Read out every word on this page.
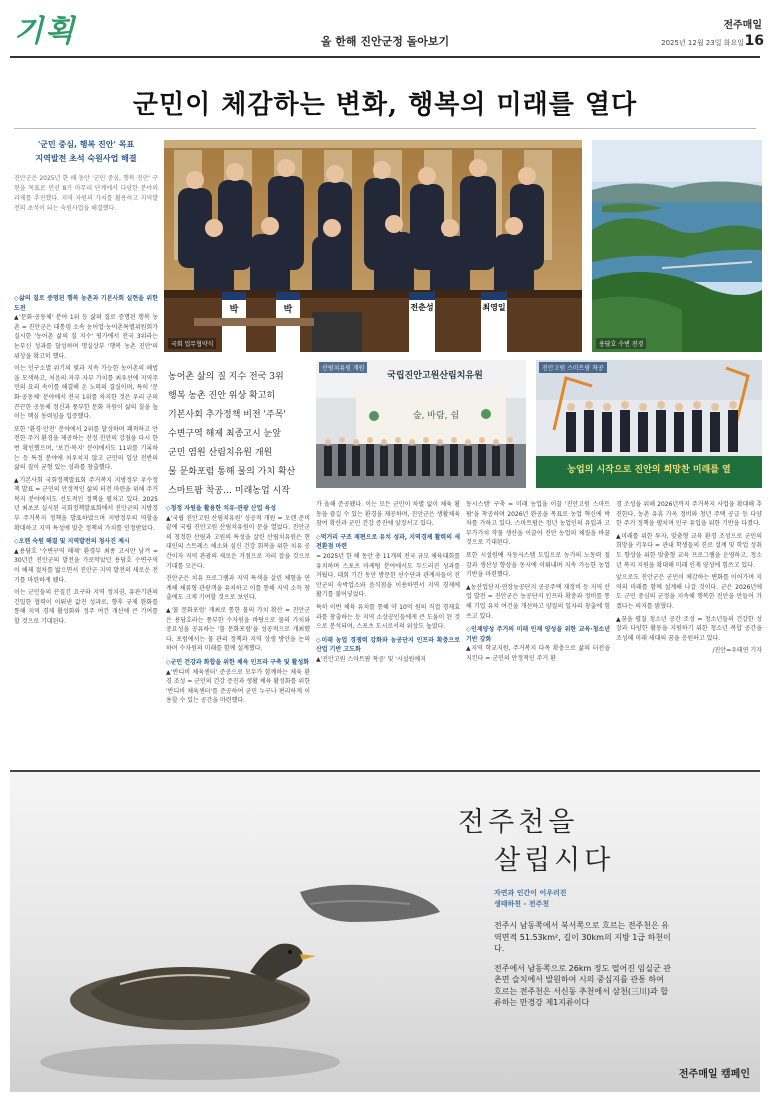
기획	올 한해 진안군정 돌아보기
전주매일
2025년 12월 23일 화요일 16
군민이 체감하는 변화, 행복의 미래를 열다
'군민 중심, 행복 진안' 목표
지역발전 초석 숙원사업 해결
진안군은 2025년 한 해 동안 '군민 중심, 행복 진안' 구현을 목표로 민선 8기 마무리 단계에서 다양한 분야의 과제를 추진했다. 지역 자원의 가치를 활용하고 지역발전의 초석이 되는 숙원사업을 해결했다.
박	박	전춘성	최영일
국회 업무협약식	용담호 수변 전경
국립진안고원산림치유원
숲, 바람, 쉼
산림치유원 개원
농업의 시작으로 진안의 희망찬 미래를 열
진안고원 스마트팜 착공
농어촌 삶의 질 지수 전국 3위
행복 농촌 진안 위상 확고히
기본사회 추가정책 비전 '주목'
수변구역 해제 최종고시 눈앞
군민 염원 산림치유원 개원
물 문화포럼 통해 물의 가치 확산
스마트팜 착공… 미래농업 시작
◇삶의 질로 증명된 행복 농촌과 기본사회 실현을 위한 도전

▲'문화·공동체' 분야 1위 등 삶의 질로 증명된 행복 농촌 = 진안군은 대통령 소속 농어업·농어촌특별위원회가 실시한 '농어촌 삶의 질 지수' 평가에서 전국 3위라는 눈부신 성과를 달성하며 명실상부 '행복 농촌 진안'의 위상을 확고히 했다.

이는 인구소멸 위기의 빛과 지속 가능한 농어촌의 해법을 모색하고, 처음의 자부 자부 가치를 최우선에 지역주민의 요리 속이를 해결해 온 노력의 결실이며, 특히 '문화·공동체' 분야에서 전국 1위를 차지한 것은 우리 군의 끈끈한 공동체 정신과 풍부한 문화 자원이 삶의 질을 높이는 핵심 동력임을 입증했다.

또한 '환경·안전' 분야에서 2위를 달성하며 쾌적하고 안전한 주거 환경을 제공하는 진정 진안의 강점을 다시 한번 확인했으며, '보건·복지' 분야에서도 11위를 기록하는 등 특정 분야에 치우치지 않고 군민의 일상 전반의 삶의 질이 균형 있는 성과를 창출했다.

▲기본사회 국회정책발표회 주거복지 지방정부 우수정책 발표 = 군민의 안정적인 삶의 터전 마련을 위해 주거복지 분야에서도 선도적인 정책을 펼치고 있다. 2025년 최초로 실시된 국회정책발표회에서 진안군의 지방정부 주거복지 정책을 발표하였으며 지방정부의 역할을 확대하고 지역 특성에 맞춘 정책의 가치를 인정받았다.

◇오랜 숙원 해결 및 지역발전의 청사진 제시

▲용담호 '수변구역 해제' 환경부 최종 고시만 남겨 = 30년간 진안군의 발전을 가로막았던 용담호 수변구역이 해제 절차를 밟으면서 진안군 지역 발전의 새로운 전기를 마련하게 됐다.

이는 군민들의 끈질긴 요구와 지역 정치권, 유관기관의 긴밀한 협력이 이뤄낸 값진 성과로, 향후 규제 완화를 통해 지역 경제 활성화와 정주 여건 개선에 큰 기여를 할 것으로 기대된다.

◇청정 자원을 활용한 치유·관광 산업 육성

▲'국립 진안고원 산림치유원' 성공적 개원 = 오랜 준비 끝에 국립 진안고원 산림치유원이 문을 열었다. 진안군의 청정한 산림과 고원의 특성을 살린 산림치유원은 현대인의 스트레스 해소와 심신 건강 회복을 위한 치유 공간이자 지역 관광의 새로운 거점으로 자리 잡을 것으로 기대를 모은다.

진안군은 치유 프로그램과 지역 특색을 살린 체험을 연계해 체류형 관광객을 유치하고 이를 통해 지역 소득 창출에도 크게 기여할 것으로 보인다.

▲'물 문화포럼' 개최로 통한 물의 가치 확산 = 진안군은 용담호라는 풍부한 수자원을 바탕으로 물의 가치와 중요성을 공유하는 '물 문화포럼'을 성공적으로 개최했다. 포럼에서는 물 관리 정책과 지역 상생 방안을 논의하며 수자원의 미래를 함께 설계했다.

◇군민 건강과 화합을 위한 체육 인프라 구축 및 활성화

▲'반디비 체육센터' 준공으로 모두가 함께하는 체육 환경 조성 = 군민의 건강 증진과 생활 체육 활성화를 위한 '반디비 체육센터'를 준공하여 군민 누구나 편리하게 이용할 수 있는 공간을 마련했다.

가 올해 준공됐다. 이는 모든 군민이 차별 없이 체육 활동을 즐길 수 있는 환경을 제공하며, 진안군은 생활체육 참여 확산과 군민 건강 증진에 앞장서고 있다.

◇먹거리 구조 재편으로 유치 성과, 지역경제 활력의 새 전환점 마련

= 2025년 한 해 동안 총 11개의 전국 규모 체육대회를 유치하며 스포츠 마케팅 분야에서도 두드러진 성과를 거뒀다. 대회 기간 동안 방문한 선수단과 관계자들이 진안군의 숙박업소와 음식점을 이용하면서 지역 경제에 활기를 불어넣었다.

특히 이번 체육 유치를 통해 약 10억 원의 직접 경제효과를 창출하는 등 지역 소상공인들에게 큰 도움이 된 것으로 분석되며, 스포츠 도시로서의 위상도 높였다.

◇미래 농업 경쟁력 강화와 농공단지 인프라 확충으로 산업 기반 고도화

▲'진안고원 스마트팜 착공' 및 '시설원예지

동시스템' 구축 = 미래 농업을 이끌 '진안고원 스마트팜'을 착공하며 2026년 완공을 목표로 농업 혁신에 박차를 가하고 있다. 스마트팜은 청년 농업인의 유입과 고부가가치 작물 생산을 이끌어 진안 농업의 체질을 바꿀 것으로 기대된다.

또한 시설원예 자동시스템 도입으로 농가의 노동력 절감과 생산성 향상을 동시에 이뤄내며 지속 가능한 농업 기반을 마련했다.

▲농산업단지·연장농공단지 공공주택 재정비 등 지역 산업 발전 = 진안군은 농공단지 인프라 확충과 정비를 통해 기업 유치 여건을 개선하고 양질의 일자리 창출에 힘쓰고 있다.

◇인재양성 주거의 미래 인재 양성을 위한 교육·청소년 기반 강화

▲지역 학교지원, 주거복지 다목 확충으로 삶의 터전을 지킨다 = 군민의 안정적인 주거 환

경 조성을 위해 2026년까지 주거복지 사업을 확대해 추진한다. 농촌 유휴 가옥 정비와 청년 주택 공급 등 다양한 주거 정책을 펼치며 인구 유입을 위한 기반을 다졌다.

▲미래를 위한 투자, 맞춤형 교육 환경 조성으로 군민의 희망을 키우다 = 관내 학생들의 진로 설계 및 학업 성취도 향상을 위한 맞춤형 교육 프로그램을 운영하고, 청소년 복지 지원을 확대해 미래 인재 양성에 힘쓰고 있다.

앞으로도 진안군은 군민이 체감하는 변화를 이어가며 지역의 미래를 함께 설계해 나갈 것이다. 군은 2026년에도 군민 중심의 군정을 지속해 행복한 진안을 만들어 가겠다는 의지를 밝혔다.

▲꿈을 펼칠 청소년 공간 조성 = 청소년들의 건강한 성장과 다양한 활동을 지원하기 위한 청소년 복합 공간을 조성해 미래 세대의 꿈을 응원하고 있다.

/진안=우태연 기자

전주천을
살립시다
자연과 인간이 어우러진
생태하천 - 전주천

전주시 남동쪽에서 북서쪽으로 흐르는 전주천은 유역면적 51.53km², 길이 30km의 지방 1급 하천이다.

전주에서 남동쪽으로 26km 정도 떨어진 임실군 관촌면 슬치에서 발원하여 시의 중심지를 관통 하여 흐르는 전주천은 서신동 추천에서 삼천(三川)과 합류하는 만경강 제1지류이다

전주매일 캠페인
